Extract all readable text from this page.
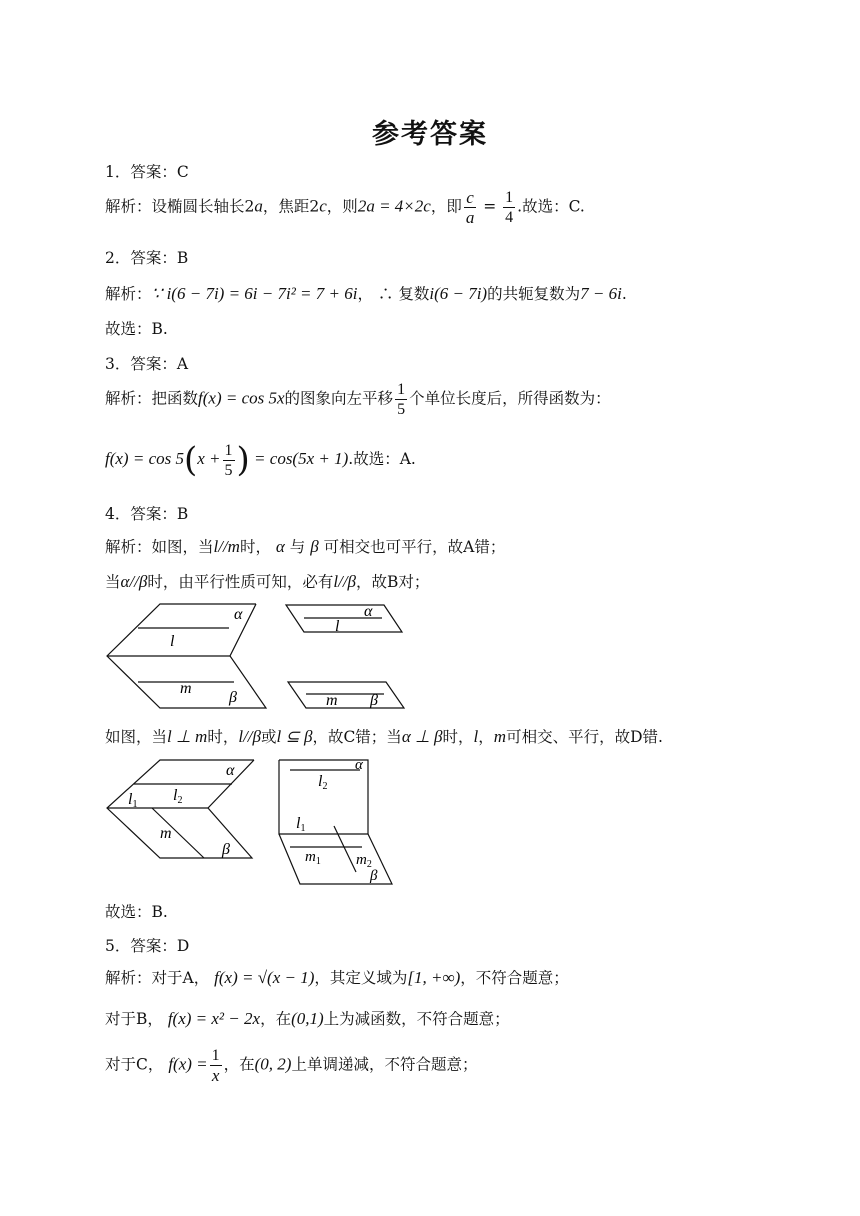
参考答案
1．答案：C
解析：设椭圆长轴长2a，焦距2c，则2a = 4×2c，即 $\frac{c}{a} = \frac{1}{4}$ .故选：C.
2．答案：B
解析：∵ i(6 − 7i) = 6i − 7i² = 7 + 6i， ∴ 复数i(6 − 7i)的共轭复数为7 − 6i.
故选：B.
3．答案：A
解析：把函数f(x) = cos 5x的图象向左平移 $\frac{1}{5}$ 个单位长度后，所得函数为：
$f(x) = \cos 5(x + \frac{1}{5}$ ) = cos(5x + 1).故选：A.
4．答案：B
解析：如图，当l//m时， α 与 β 可相交也可平行，故A错；
当α//β时，由平行性质可知，必有l//β，故B对；
α
l
m
β
α
l
m β
如图，当l ⊥ m时，l//β或l ⊆ β，故C错；当α ⊥ β时，l，m可相交、平行，故D错.
α
l1
l2
m
β
α
l2
l1
$m_1$ $m_2$
β
故选：B.
5．答案：D
解析：对于A， f(x) = √(x − 1)，其定义域为[1, +∞)，不符合题意；
对于B， f(x) = x² − 2x，在(0,1)上为减函数，不符合题意；
对于C， $f(x) = \frac{1}{x}$ ，在(0, 2)上单调递减，不符合题意；
